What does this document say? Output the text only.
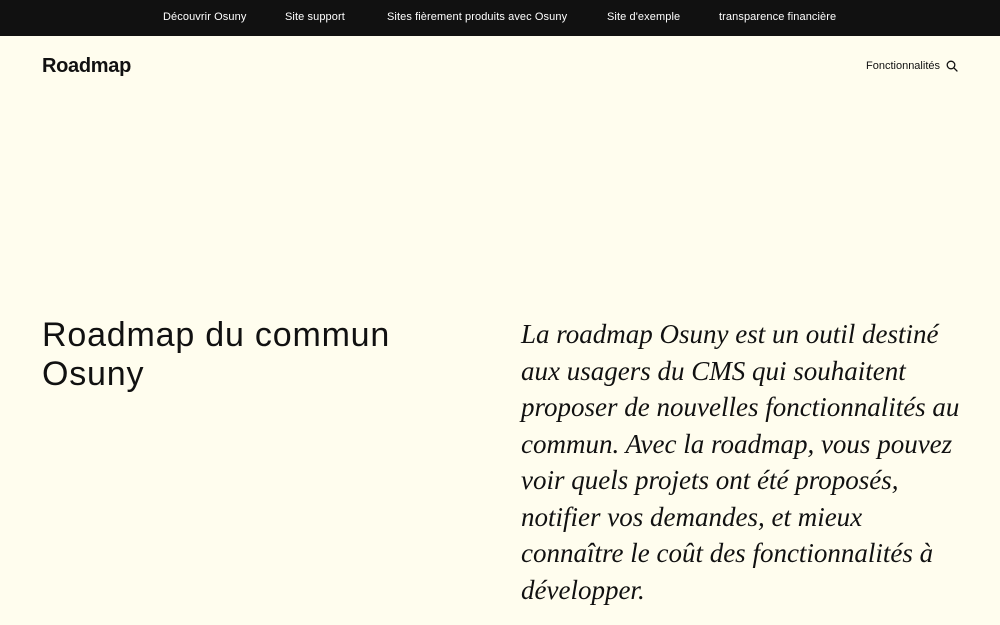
Découvrir Osuny	Site support	Sites fièrement produits avec Osuny	Site d'exemple	transparence financière
Roadmap	Fonctionnalités
Roadmap du commun Osuny

La roadmap Osuny est un outil destiné aux usagers du CMS qui souhaitent proposer de nouvelles fonctionnalités au commun. Avec la roadmap, vous pouvez voir quels projets ont été proposés, notifier vos demandes, et mieux connaître le coût des fonctionnalités à développer.
